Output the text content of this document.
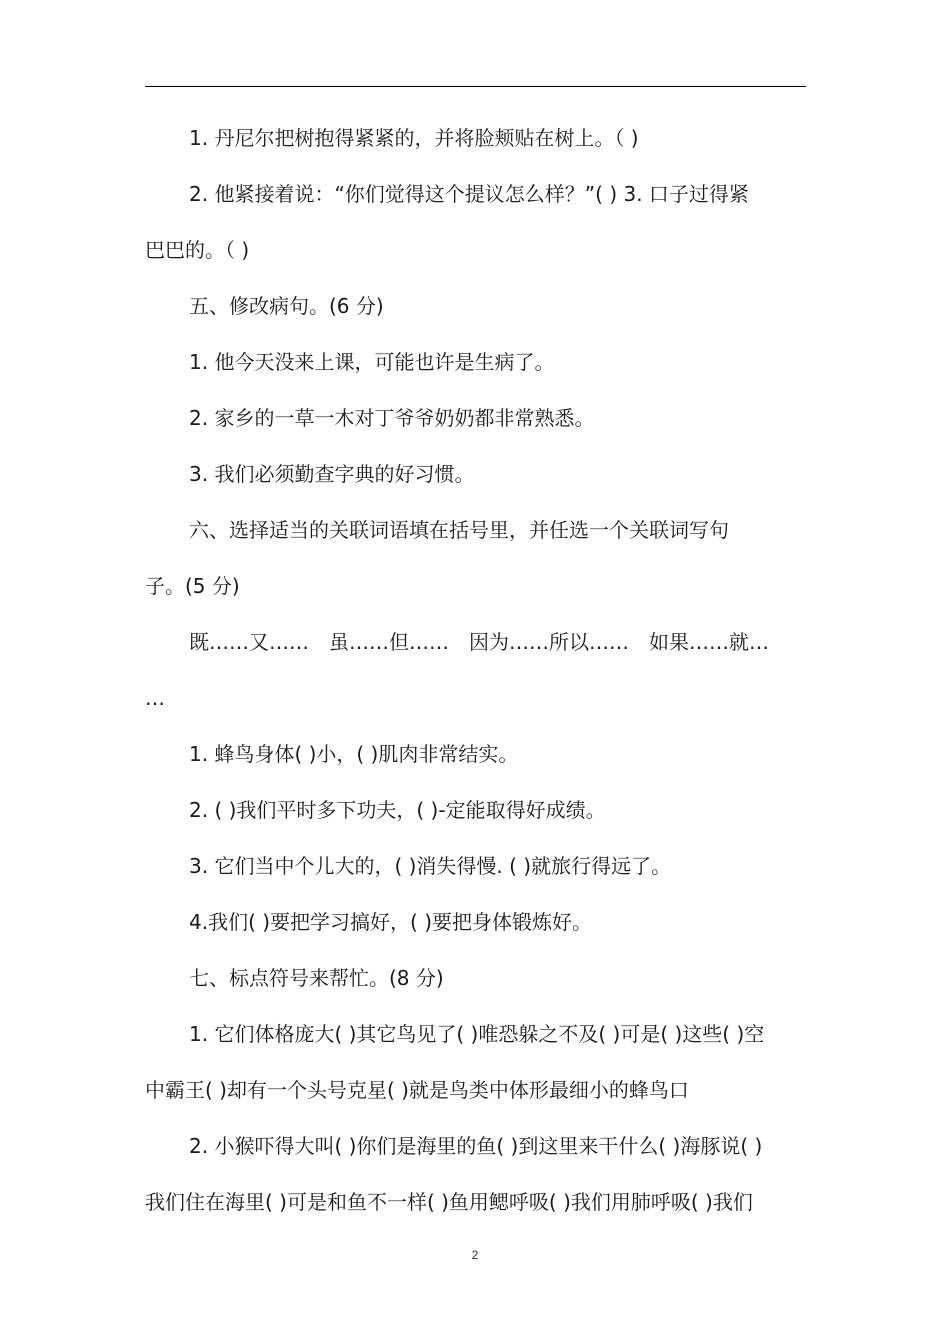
1. 丹尼尔把树抱得紧紧的，并将脸颊贴在树上。（ )
2. 他紧接着说：“你们觉得这个提议怎么样？”( ) 3. 口子过得紧
巴巴的。（ )
五、修改病句。(6 分)
1. 他今天没来上课，可能也许是生病了。
2. 家乡的一草一木对丁爷爷奶奶都非常熟悉。
3. 我们必须勤查字典的好习惯。
六、选择适当的关联词语填在括号里，并任选一个关联词写句
子。(5 分)
既……又……　虽……但……　因为……所以……　如果……就…
…
1. 蜂鸟身体( )小，( )肌肉非常结实。
2. ( )我们平时多下功夫，( )-定能取得好成绩。
3. 它们当中个儿大的，( )消失得慢. ( )就旅行得远了。
4.我们( )要把学习搞好，( )要把身体锻炼好。
七、标点符号来帮忙。(8 分)
1. 它们体格庞大( )其它鸟见了( )唯恐躲之不及( )可是( )这些( )空
中霸王( )却有一个头号克星( )就是鸟类中体形最细小的蜂鸟口
2. 小猴吓得大叫( )你们是海里的鱼( )到这里来干什么( )海豚说( )
我们住在海里( )可是和鱼不一样( )鱼用鳃呼吸( )我们用肺呼吸( )我们
2
